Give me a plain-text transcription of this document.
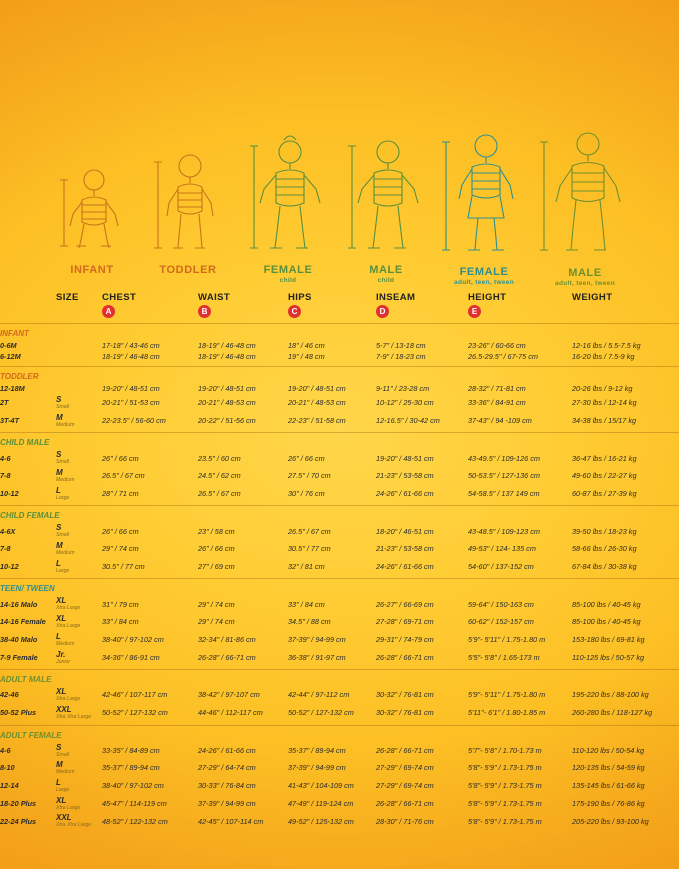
INFANT	TODDLER	FEMALE
child
MALE
child
FEMALE
adult, teen, tween
MALE
adult, teen, tween
	SIZE	CHEST	WAIST	HIPS	INSEAM	HEIGHT	WEIGHT
		A	B	C	D	E	

INFANT							
0-6M		17-18" / 43-46 cm	18-19" / 46-48 cm	18" / 46 cm	5-7" / 13-18 cm	23-26" / 60-66 cm	12-16 lbs / 5.5-7.5 kg
6-12M		18-19" / 46-48 cm	18-19" / 46-48 cm	19" / 48 cm	7-9" / 18-23 cm	26.5-29.5" / 67-75 cm	16-20 lbs / 7.5-9 kg

TODDLER							
12-18M		19-20" / 48-51 cm	19-20" / 48-51 cm	19-20" / 48-51 cm	9-11" / 23-28 cm	28-32" / 71-81 cm	20-26 lbs / 9-12 kg
2T	S
Small	20-21" / 51-53 cm	20-21" / 48-53 cm	20-21" / 48-53 cm	10-12" / 25-30 cm	33-36" / 84-91 cm	27-30 lbs / 12-14 kg
3T-4T	M
Medium	22-23.5" / 56-60 cm	20-22" / 51-56 cm	22-23" / 51-58 cm	12-16.5" / 30-42 cm	37-43" / 94 -109 cm	34-38 lbs / 15/17 kg

CHILD MALE							
4-6	S
Small	26" / 66 cm	23.5" / 60 cm	26" / 66 cm	19-20" / 48-51 cm	43-49.5" / 109-126 cm	36-47 lbs / 16-21 kg
7-8	M
Medium	26.5" / 67 cm	24.5" / 62 cm	27.5" / 70 cm	21-23" / 53-58 cm	50-53.5" / 127-136 cm	49-60 lbs / 22-27 kg
10-12	L
Large	28" / 71 cm	26.5" / 67 cm	30" / 76 cm	24-26" / 61-66 cm	54-58.5" / 137 149 cm	60-87 lbs / 27-39 kg

CHILD FEMALE							
4-6X	S
Small	26" / 66 cm	23" / 58 cm	26.5" / 67 cm	18-20" / 46-51 cm	43-48.5" / 109-123 cm	39-50 lbs / 18-23 kg
7-8	M
Medium	29" / 74 cm	26" / 66 cm	30.5" / 77 cm	21-23" / 53-58 cm	49-53" / 124- 135 cm	58-66 lbs / 26-30 kg
10-12	L
Large	30.5" / 77 cm	27" / 69 cm	32" / 81 cm	24-26" / 61-66 cm	54-60" / 137-152 cm	67-84 lbs / 30-38 kg

TEEN/ TWEEN							
14-16 Malo	XL
Xtra Large	31" / 79 cm	29" / 74 cm	33" / 84 cm	26-27" / 66-69 cm	59-64" / 150-163 cm	85-100 lbs / 40-45 kg
14-16 Female	XL
Xtra Large	33" / 84 cm	29" / 74 cm	34.5" / 88 cm	27-28" / 69-71 cm	60-62" / 152-157 cm	85-100 lbs / 40-45 kg
38-40 Malo	L
Medium	38-40" / 97-102 cm	32-34" / 81-86 cm	37-39" / 94-99 cm	29-31" / 74-79 cm	5'9"- 5'11" / 1.75-1.80 m	153-180 lbs / 69-81 kg
7-9 Female	Jr.
Junior	34-36" / 86-91 cm	26-28" / 66-71 cm	36-38" / 91-97 cm	26-28" / 66-71 cm	5'5"- 5'8" / 1.65-173 m	110-125 lbs / 50-57 kg

ADULT MALE							
42-46	XL
Xtra Large	42-46" / 107-117 cm	38-42" / 97-107 cm	42-44" / 97-112 cm	30-32" / 76-81 cm	5'9"- 5'11" / 1.75-1.80 m	195-220 lbs / 88-100 kg
50-52 Plus	XXL
Xtra Xtra Large	50-52" / 127-132 cm	44-46" / 112-117 cm	50-52" / 127-132 cm	30-32" / 76-81 cm	5'11"- 6'1" / 1.80-1.85 m	260-280 lbs / 118-127 kg

ADULT FEMALE							
4-6	S
Small	33-35" / 84-89 cm	24-26" / 61-66 cm	35-37" / 89-94 cm	26-28" / 66-71 cm	5'7"- 5'8" / 1.70-1.73 m	110-120 lbs / 50-54 kg
8-10	M
Medium	35-37" / 89-94 cm	27-29" / 64-74 cm	37-39" / 94-99 cm	27-29" / 69-74 cm	5'8"- 5'9" / 1.73-1.75 m	120-135 lbs / 54-59 kg
12-14	L
Large	38-40" / 97-102 cm	30-33" / 76-84 cm	41-43" / 104-109 cm	27-29" / 69-74 cm	5'8"- 5'9" / 1.73-1.75 m	135-145 lbs / 61-66 kg
18-20 Plus	XL
Xtra Large	45-47" / 114-119 cm	37-39" / 94-99 cm	47-49" / 119-124 cm	26-28" / 66-71 cm	5'8"- 5'9" / 1.73-1.75 m	175-190 lbs / 76-86 kg
22-24 Plus	XXL
Xtra Xtra Large	48-52" / 122-132 cm	42-45" / 107-114 cm	49-52" / 125-132 cm	28-30" / 71-76 cm	5'8"- 5'9" / 1.73-1.75 m	205-220 lbs / 93-100 kg
